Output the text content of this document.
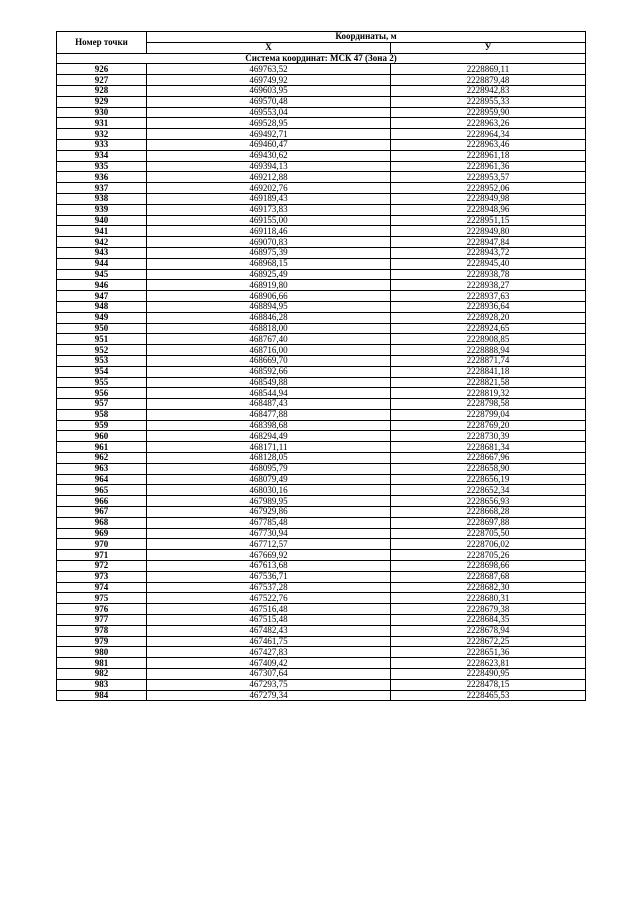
Номер точки	Координаты, м	
	X	У
Система координат: МСК 47 (Зона 2)		
926	469763,52	2228869,11
927	469749,92	2228879,48
928	469603,95	2228942,83
929	469570,48	2228955,33
930	469553,04	2228959,90
931	469528,95	2228963,26
932	469492,71	2228964,34
933	469460,47	2228963,46
934	469430,62	2228961,18
935	469394,13	2228961,36
936	469212,88	2228953,57
937	469202,76	2228952,06
938	469189,43	2228949,98
939	469173,83	2228948,96
940	469155,00	2228951,15
941	469118,46	2228949,80
942	469070,83	2228947,84
943	468975,39	2228943,72
944	468968,15	2228945,40
945	468925,49	2228938,78
946	468919,80	2228938,27
947	468906,66	2228937,63
948	468894,95	2228936,64
949	468846,28	2228928,20
950	468818,00	2228924,65
951	468767,40	2228908,85
952	468716,00	2228888,94
953	468669,70	2228871,74
954	468592,66	2228841,18
955	468549,88	2228821,58
956	468544,94	2228819,32
957	468487,43	2228798,58
958	468477,88	2228799,04
959	468398,68	2228769,20
960	468294,49	2228730,39
961	468171,11	2228681,34
962	468128,05	2228667,96
963	468095,79	2228658,90
964	468079,49	2228656,19
965	468030,16	2228652,34
966	467989,95	2228656,93
967	467929,86	2228668,28
968	467785,48	2228697,88
969	467730,94	2228705,50
970	467712,57	2228706,02
971	467669,92	2228705,26
972	467613,68	2228698,66
973	467536,71	2228687,68
974	467537,28	2228682,30
975	467522,76	2228680,31
976	467516,48	2228679,38
977	467515,48	2228684,35
978	467482,43	2228678,94
979	467461,75	2228672,25
980	467427,83	2228651,36
981	467409,42	2228623,81
982	467307,64	2228490,95
983	467293,75	2228478,15
984	467279,34	2228465,53
